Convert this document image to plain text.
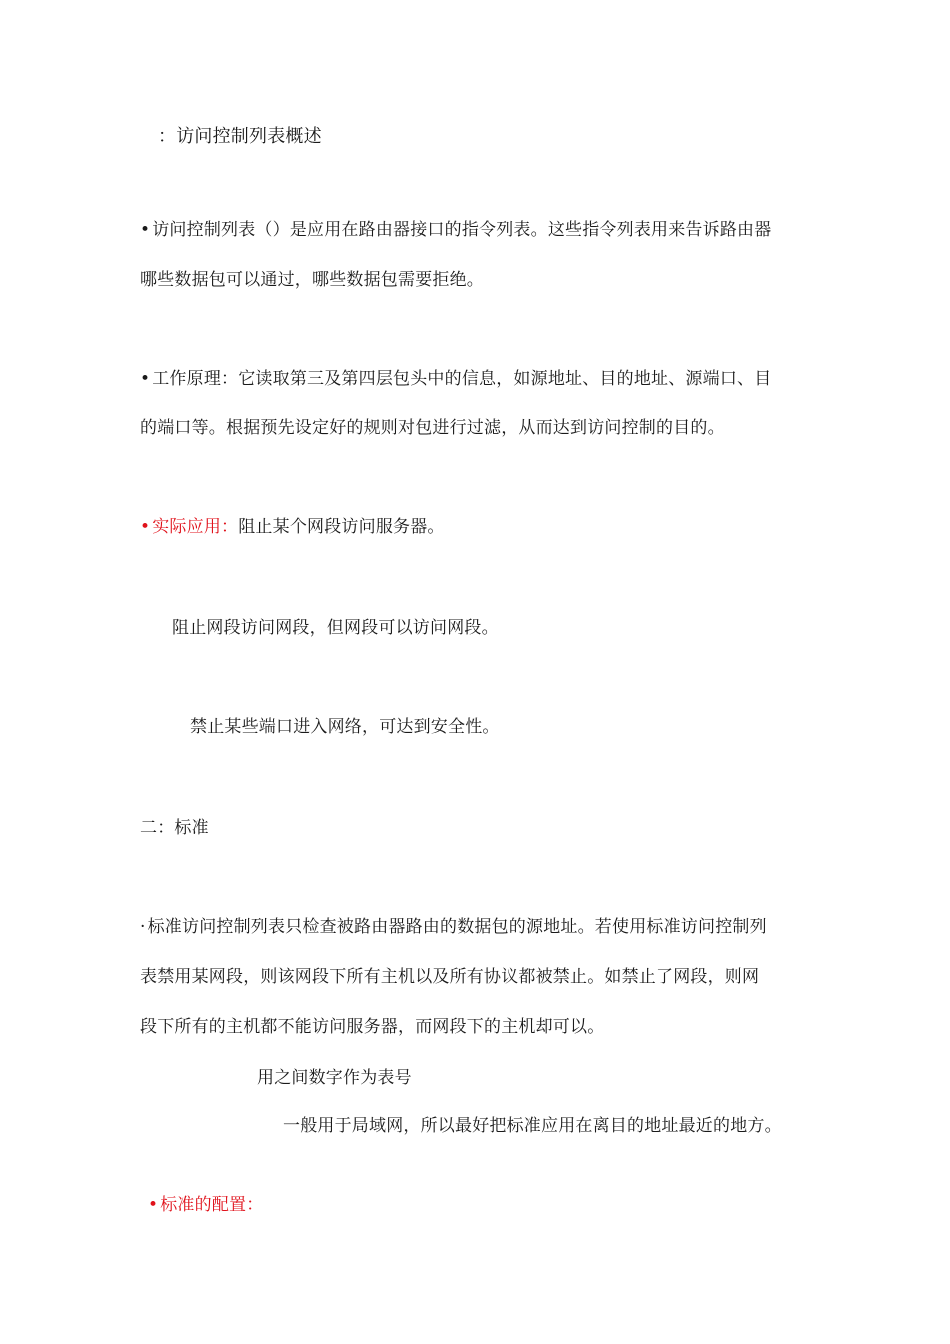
：访问控制列表概述
• 访问控制列表（）是应用在路由器接口的指令列表。这些指令列表用来告诉路由器
哪些数据包可以通过，哪些数据包需要拒绝。
• 工作原理：它读取第三及第四层包头中的信息，如源地址、目的地址、源端口、目
的端口等。根据预先设定好的规则对包进行过滤，从而达到访问控制的目的。
• 实际应用：阻止某个网段访问服务器。
阻止网段访问网段，但网段可以访问网段。
禁止某些端口进入网络，可达到安全性。
二：标准
· 标准访问控制列表只检查被路由器路由的数据包的源地址。若使用标准访问控制列
表禁用某网段，则该网段下所有主机以及所有协议都被禁止。如禁止了网段，则网
段下所有的主机都不能访问服务器，而网段下的主机却可以。
用之间数字作为表号
一般用于局域网，所以最好把标准应用在离目的地址最近的地方。
• 标准的配置：
